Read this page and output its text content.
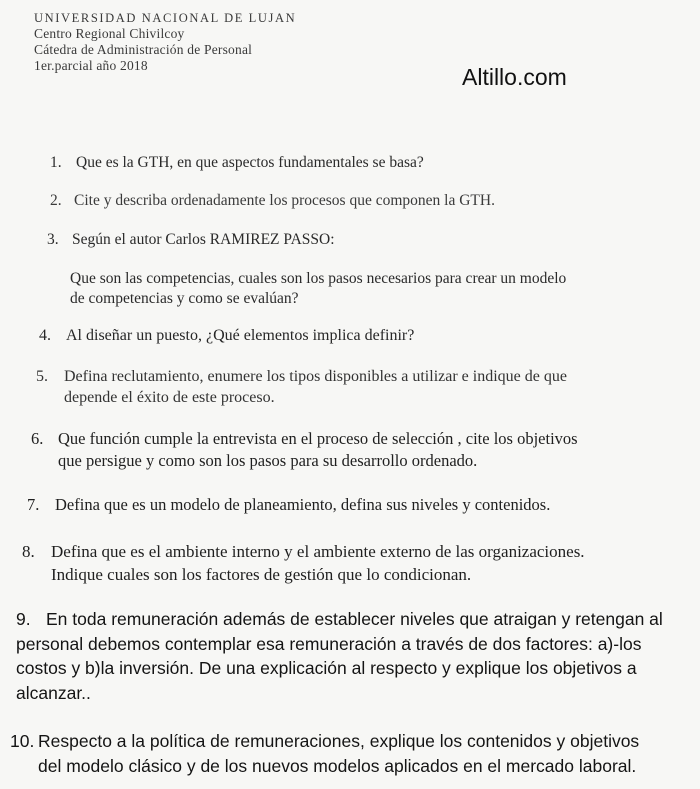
UNIVERSIDAD NACIONAL DE LUJAN
Centro Regional Chivilcoy
Cátedra de Administración de Personal
1er.parcial año 2018	Altillo.com
1. Que es la GTH, en que aspectos fundamentales se basa?
2. Cite y describa ordenadamente los procesos que componen la GTH.
3. Según el autor Carlos RAMIREZ PASSO:
Que son las competencias, cuales son los pasos necesarios para crear un modelo
de competencias y como se evalúan?
4. Al diseñar un puesto, ¿Qué elementos implica definir?
5. Defina reclutamiento, enumere los tipos disponibles a utilizar e indique de que
depende el éxito de este proceso.
6. Que función cumple la entrevista en el proceso de selección , cite los objetivos
que persigue y como son los pasos para su desarrollo ordenado.
7. Defina que es un modelo de planeamiento, defina sus niveles y contenidos.
8. Defina que es el ambiente interno y el ambiente externo de las organizaciones.
Indique cuales son los factores de gestión que lo condicionan.
9. En toda remuneración además de establecer niveles que atraigan y retengan al
personal debemos contemplar esa remuneración a través de dos factores: a)-los
costos y b)la inversión. De una explicación al respecto y explique los objetivos a
alcanzar..
10. Respecto a la política de remuneraciones, explique los contenidos y objetivos
del modelo clásico y de los nuevos modelos aplicados en el mercado laboral.
